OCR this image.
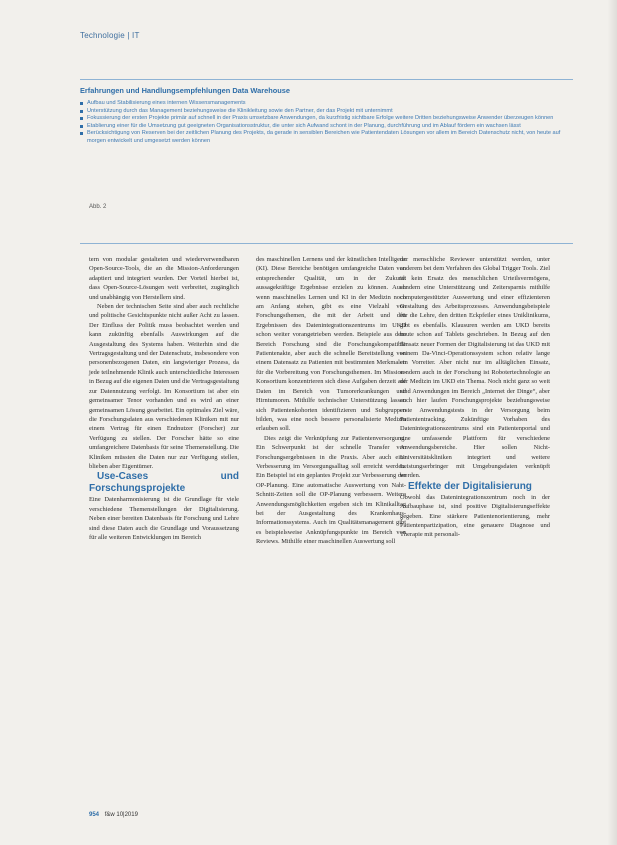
Technologie | IT
Erfahrungen und Handlungsempfehlungen Data Warehouse
Aufbau und Stabilisierung eines internen Wissensmanagements
Unterstützung durch das Management beziehungsweise die Klinikleitung sowie den Partner, der das Projekt mit unternimmt
Fokussierung der ersten Projekte primär auf schnell in der Praxis umsetzbare Anwendungen, da kurzfristig sichtbare Erfolge weitere Dritten beziehungsweise Anwender überzeugen können
Etablierung einer für die Umsetzung gut geeigneten Organisationsstruktur, die unter sich Aufwand schont in der Planung, durchführung und im Ablauf fördern ein wachsen lässt
Berücksichtigung von Reserven bei der zeitlichen Planung des Projekts, da gerade in sensiblen Bereichen wie Patientendaten Lösungen vor allem im Bereich Datenschutz nicht, von heute auf morgen entwickelt und umgesetzt werden können
Abb. 2

tern von modular gestalteten und wiederverwendbaren Open-Source-Tools, die an die Mission-Anforderungen adaptiert und integriert wurden. Der Vorteil hierbei ist, dass Open-Source-Lösungen weit verbreitet, zugänglich und unabhängig von Herstellern sind.

Neben der technischen Seite sind aber auch rechtliche und politische Gesichtspunkte nicht außer Acht zu lassen. Der Einfluss der Politik muss beobachtet werden und kann zukünftig ebenfalls Auswirkungen auf die Ausgestaltung des Systems haben. Weiterhin sind die Vertragsgestaltung und der Datenschutz, insbesondere von personenbezogenen Daten, ein langwieriger Prozess, da jede teilnehmende Klinik auch unterschiedliche Interessen in Bezug auf die eigenen Daten und die Vertragsgestaltung zur Datennutzung verfolgt. Im Konsortium ist aber ein gemeinsamer Tenor vorhanden und es wird an einer gemeinsamen Lösung gearbeitet. Ein optimales Ziel wäre, die Forschungsdaten aus verschiedenen Kliniken mit nur einem Vertrag für einen Endnutzer (Forscher) zur Verfügung zu stellen. Der Forscher hätte so eine umfangreichere Datenbasis für seine Themenstellung. Die Kliniken müssten die Daten nur zur Verfügung stellen, blieben aber Eigentümer.

Use-Cases und Forschungsprojekte

Eine Datenharmonisierung ist die Grundlage für viele verschiedene Themenstellungen der Digitalisierung. Neben einer bereiten Datenbasis für Forschung und Lehre sind diese Daten auch die Grundlage und Voraussetzung für alle weiteren Entwicklungen im Bereich

des maschinellen Lernens und der künstlichen Intelligenz (KI). Diese Bereiche benötigen umfangreiche Daten von entsprechender Qualität, um in der Zukunft aussagekräftige Ergebnisse erzielen zu können. Auch wenn maschinelles Lernen und KI in der Medizin noch am Anfang stehen, gibt es eine Vielzahl von Forschungsthemen, die mit der Arbeit und den Ergebnissen des Datenintegrationszentrums im UKD schon weiter vorangetrieben werden. Beispiele aus dem Bereich Forschung sind die Forschungskompatible Patientenakte, aber auch die schnelle Bereitstellung von einem Datensatz zu Patienten mit bestimmten Merkmalen für die Vorbereitung von Forschungsthemen. Im Mission-Konsortium konzentrieren sich diese Aufgaben derzeit auf Daten im Bereich von Tumorerkrankungen und Hirntumoren. Mithilfe technischer Unterstützung lassen sich Patientenkohorten identifizieren und Subgruppen bilden, was eine noch bessere personalisierte Medizin erlauben soll.

Dies zeigt die Verknüpfung zur Patientenversorgung. Ein Schwerpunkt ist der schnelle Transfer von Forschungsergebnissen in die Praxis. Aber auch eine Verbesserung im Versorgungsalltag soll erreicht werden. Ein Beispiel ist ein geplantes Projekt zur Verbesserung der OP-Planung. Eine automatische Auswertung von Naht-Schnitt-Zeiten soll die OP-Planung verbessern. Weitere Anwendungsmöglichkeiten ergeben sich im Klinikalltag bei der Ausgestaltung des Krankenhaus-Informationssystems. Auch im Qualitätsmanagement gibt es beispielsweise Anknüpfungspunkte im Bereich von Reviews. Mithilfe einer maschinellen Auswertung soll

der menschliche Reviewer unterstützt werden, unter anderem bei dem Verfahren des Global Trigger Tools. Ziel ist kein Ersatz des menschlichen Urteilsvermögens, sondern eine Unterstützung und Zeitersparnis mithilfe computergestützter Auswertung und einer effizienteren Gestaltung des Arbeitsprozesses. Anwendungsbeispiele für die Lehre, den dritten Eckpfeiler eines Uniklinikums, gibt es ebenfalls. Klausuren werden am UKD bereits heute schon auf Tablets geschrieben. In Bezug auf den Einsatz neuer Formen der Digitalisierung ist das UKD mit seinem Da-Vinci-Operationssystem schon relativ lange ein Vorreiter. Aber nicht nur im alltäglichen Einsatz, sondern auch in der Forschung ist Robotertechnologie an der Medizin im UKD ein Thema. Noch nicht ganz so weit sind Anwendungen im Bereich „Internet der Dinge“, aber auch hier laufen Forschungsprojekte beziehungsweise erste Anwendungstests in der Versorgung beim Patiententracking. Zukünftige Vorhaben des Datenintegrationszentrums sind ein Patientenportal und eine umfassende Plattform für verschiedene Anwendungsbereiche. Hier sollen Nicht-Universitätskliniken integriert und weitere Leistungserbringer mit Umgebungsdaten verknüpft werden.

Effekte der Digitalisierung

Obwohl das Datenintegrationszentrum noch in der Aufbauphase ist, sind positive Digitalisierungseffekte gegeben. Eine stärkere Patientenorientierung, mehr Patientenpartizipation, eine genauere Diagnose und Therapie mit personali-

954 f&w 10|2019
